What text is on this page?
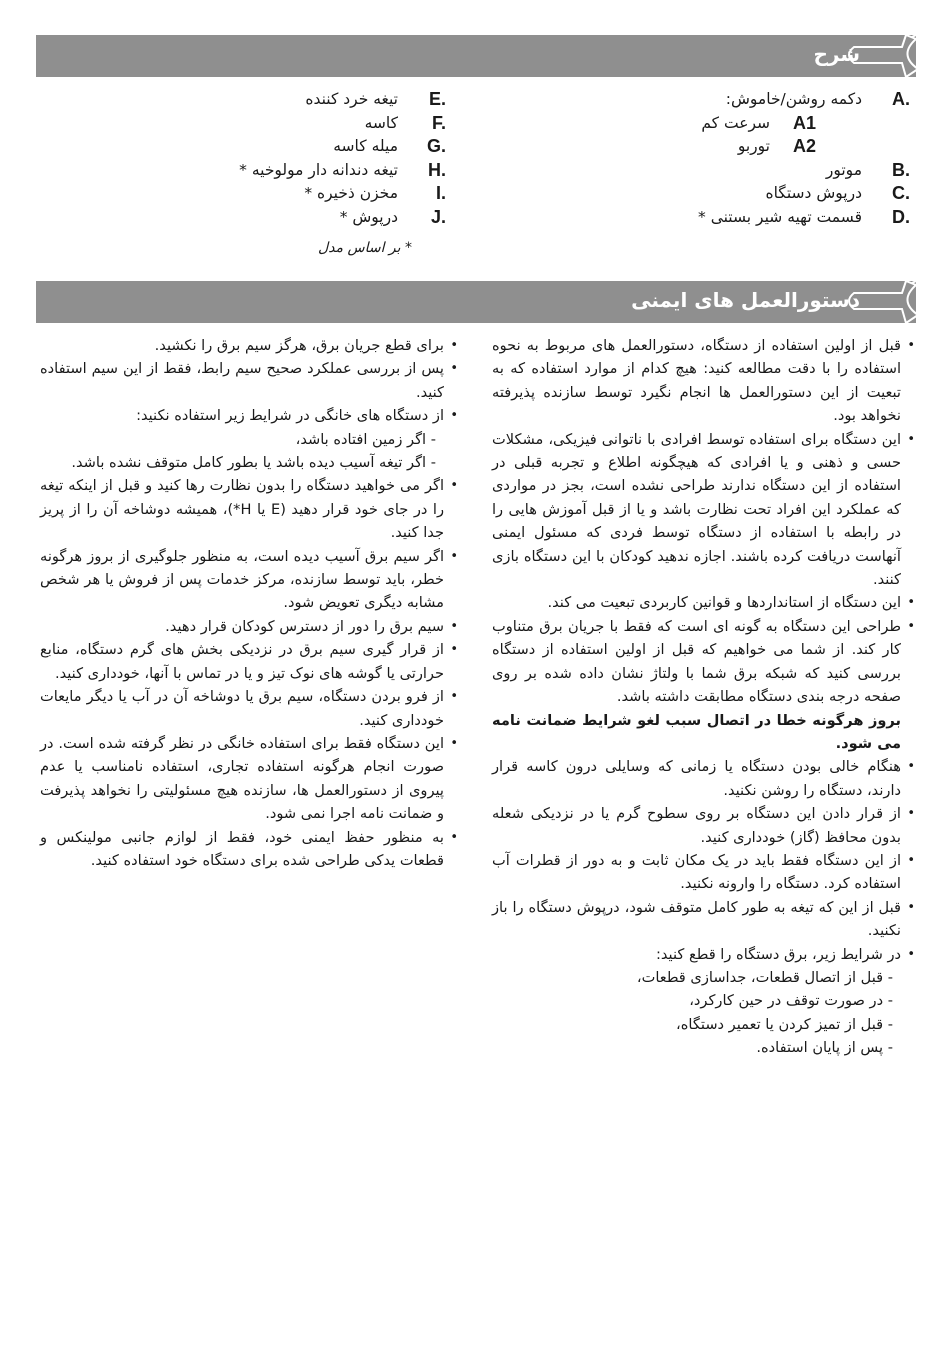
شرح
A.
دکمه روشن/خاموش:
A1
سرعت کم
A2
توربو
B.
موتور
C.
درپوش دستگاه
D.
قسمت تهیه شیر بستنی *
E.
تیغه خرد کننده
F.
کاسه
G.
میله کاسه
H.
تیغه دندانه دار مولوخیه *
I.
مخزن ذخیره *
J.
درپوش *
* بر اساس مدل
دستورالعمل های ایمنی
• قبل از اولین استفاده از دستگاه، دستورالعمل های مربوط به نحوه استفاده را با دقت مطالعه کنید: هیچ کدام از موارد استفاده که به تبعیت از این دستورالعمل ها انجام نگیرد توسط سازنده پذیرفته نخواهد بود.
• این دستگاه برای استفاده توسط افرادی با ناتوانی فیزیکی، مشکلات حسی و ذهنی و یا افرادی که هیچگونه اطلاع و تجربه قبلی در استفاده از این دستگاه ندارند طراحی نشده است، بجز در مواردی که عملکرد این افراد تحت نظارت باشد و یا از قبل آموزش هایی را در رابطه با استفاده از دستگاه توسط فردی که مسئول ایمنی آنهاست دریافت کرده باشند. اجازه ندهید کودکان با این دستگاه بازی کنند.
• این دستگاه از استانداردها و قوانین کاربردی تبعیت می کند.
• طراحی این دستگاه به گونه ای است که فقط با جریان برق متناوب کار کند. از شما می خواهیم که قبل از اولین استفاده از دستگاه بررسی کنید که شبکه برق شما با ولتاژ نشان داده شده بر روی صفحه درجه بندی دستگاه مطابقت داشته باشد.
بروز هرگونه خطا در اتصال سبب لغو شرایط ضمانت نامه می شود.
• هنگام خالی بودن دستگاه یا زمانی که وسایلی درون کاسه قرار دارند، دستگاه را روشن نکنید.
• از قرار دادن این دستگاه بر روی سطوح گرم یا در نزدیکی شعله بدون محافظ (گاز) خودداری کنید.
• از این دستگاه فقط باید در یک مکان ثابت و به دور از قطرات آب استفاده کرد. دستگاه را وارونه نکنید.
• قبل از این که تیغه به طور کامل متوقف شود، درپوش دستگاه را باز نکنید.
• در شرایط زیر، برق دستگاه را قطع کنید:
- قبل از اتصال قطعات، جداسازی قطعات،
- در صورت توقف در حین کارکرد،
- قبل از تمیز کردن یا تعمیر دستگاه،
- پس از پایان استفاده.
• برای قطع جریان برق، هرگز سیم برق را نکشید.
• پس از بررسی عملکرد صحیح سیم رابط، فقط از این سیم استفاده کنید.
• از دستگاه های خانگی در شرایط زیر استفاده نکنید:
- اگر زمین افتاده باشد،
- اگر تیغه آسیب دیده باشد یا بطور کامل متوقف نشده باشد.
• اگر می خواهید دستگاه را بدون نظارت رها کنید و قبل از اینکه تیغه را در جای خود قرار دهید (E یا H*)، همیشه دوشاخه آن را از پریز جدا کنید.
• اگر سیم برق آسیب دیده است، به منظور جلوگیری از بروز هرگونه خطر، باید توسط سازنده، مرکز خدمات پس از فروش یا هر شخص مشابه دیگری تعویض شود.
• سیم برق را دور از دسترس کودکان قرار دهید.
• از قرار گیری سیم برق در نزدیکی بخش های گرم دستگاه، منابع حرارتی یا گوشه های نوک تیز و یا در تماس با آنها، خودداری کنید.
• از فرو بردن دستگاه، سیم برق یا دوشاخه آن در آب یا دیگر مایعات خودداری کنید.
• این دستگاه فقط برای استفاده خانگی در نظر گرفته شده است. در صورت انجام هرگونه استفاده تجاری، استفاده نامناسب یا عدم پیروی از دستورالعمل ها، سازنده هیچ مسئولیتی را نخواهد پذیرفت و ضمانت نامه اجرا نمی شود.
• به منظور حفظ ایمنی خود، فقط از لوازم جانبی مولینکس و قطعات یدکی طراحی شده برای دستگاه خود استفاده کنید.
